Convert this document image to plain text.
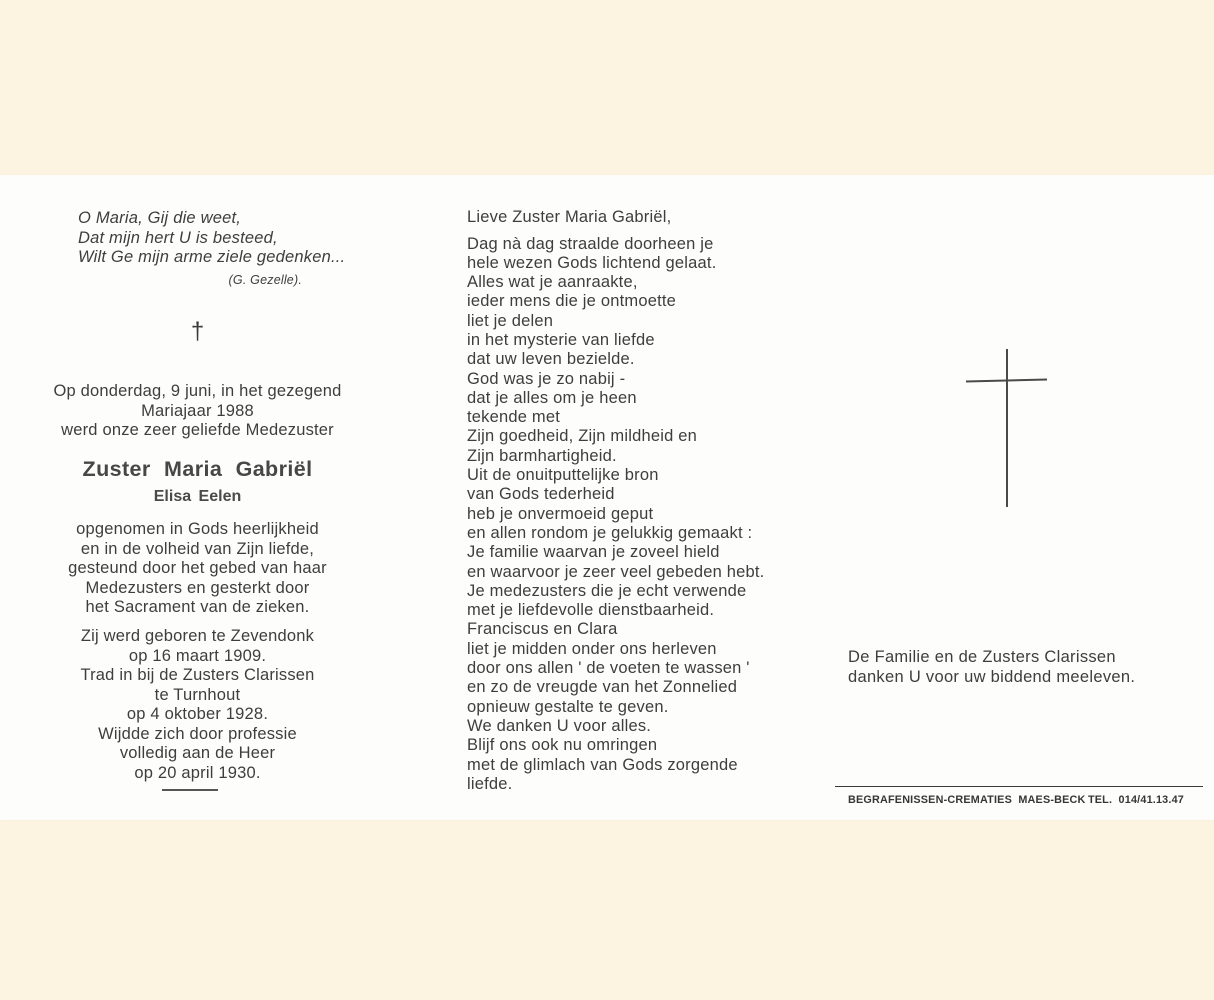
O Maria, Gij die weet,
Dat mijn hert U is besteed,
Wilt Ge mijn arme ziele gedenken...
(G. Gezelle).
†
Op donderdag, 9 juni, in het gezegend
Mariajaar 1988
werd onze zeer geliefde Medezuster
Zuster Maria Gabriël
Elisa Eelen
opgenomen in Gods heerlijkheid
en in de volheid van Zijn liefde,
gesteund door het gebed van haar
Medezusters en gesterkt door
het Sacrament van de zieken.
Zij werd geboren te Zevendonk
op 16 maart 1909.
Trad in bij de Zusters Clarissen
te Turnhout
op 4 oktober 1928.
Wijdde zich door professie
volledig aan de Heer
op 20 april 1930.
Lieve Zuster Maria Gabriël,
Dag nà dag straalde doorheen je
hele wezen Gods lichtend gelaat.
Alles wat je aanraakte,
ieder mens die je ontmoette
liet je delen
in het mysterie van liefde
dat uw leven bezielde.
God was je zo nabij -
dat je alles om je heen
tekende met
Zijn goedheid, Zijn mildheid en
Zijn barmhartigheid.
Uit de onuitputtelijke bron
van Gods tederheid
heb je onvermoeid geput
en allen rondom je gelukkig gemaakt :
Je familie waarvan je zoveel hield
en waarvoor je zeer veel gebeden hebt.
Je medezusters die je echt verwende
met je liefdevolle dienstbaarheid.
Franciscus en Clara
liet je midden onder ons herleven
door ons allen ' de voeten te wassen '
en zo de vreugde van het Zonnelied
opnieuw gestalte te geven.
We danken U voor alles.
Blijf ons ook nu omringen
met de glimlach van Gods zorgende
liefde.
De Familie en de Zusters Clarissen
danken U voor uw biddend meeleven.
BEGRAFENISSEN-CREMATIES  MAES-BECK TEL.  014/41.13.47
